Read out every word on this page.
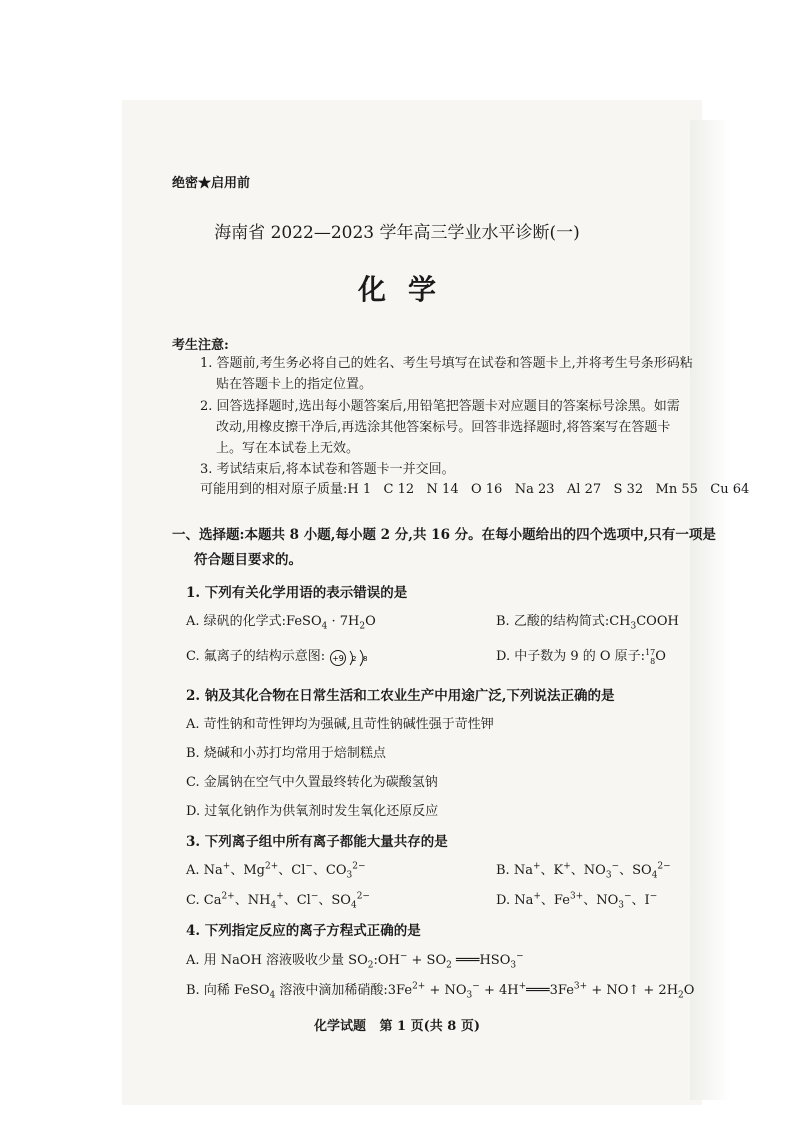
绝密★启用前
海南省 2022—2023 学年高三学业水平诊断(一)
化学
考生注意:
1. 答题前,考生务必将自己的姓名、考生号填写在试卷和答题卡上,并将考生号条形码粘
贴在答题卡上的指定位置。
2. 回答选择题时,选出每小题答案后,用铅笔把答题卡对应题目的答案标号涂黑。如需
改动,用橡皮擦干净后,再选涂其他答案标号。回答非选择题时,将答案写在答题卡
上。写在本试卷上无效。
3. 考试结束后,将本试卷和答题卡一并交回。
可能用到的相对原子质量:H 1   C 12   N 14   O 16   Na 23   Al 27   S 32   Mn 55   Cu 64
一、选择题:本题共 8 小题,每小题 2 分,共 16 分。在每小题给出的四个选项中,只有一项是
符合题目要求的。
1. 下列有关化学用语的表示错误的是
A. 绿矾的化学式:FeSO$_4$ · $7H_2O$	B. 乙酸的结构简式$:CH_3COOH$
C. 氟离子的结构示意图: +9 2 8	D. 中子数为 9 的 O 原子:17
8O
2. 钠及其化合物在日常生活和工农业生产中用途广泛,下列说法正确的是
A. 苛性钠和苛性钾均为强碱,且苛性钠碱性强于苛性钾
B. 烧碱和小苏打均常用于焙制糕点
C. 金属钠在空气中久置最终转化为碳酸氢钠
D. 过氧化钠作为供氧剂时发生氧化还原反应
3. 下列离子组中所有离子都能大量共存的是
A. Na+、$Mg^{2+}$、Cl−、$CO_3^{2-}$	B. Na+、K+、$NO_3^-$、$SO_4^{2-}$
C. $Ca^{2+}$、$NH_4^+$、Cl−、$SO_4^{2-}$	D. Na+、$Fe^{3+}$、$NO_3^-$、I−
4. 下列指定反应的离子方程式正确的是
A. 用 NaOH 溶液吸收少量 $SO_2:OH^- + SO_2$ $═══HSO_3^-$
B. 向稀 FeSO$_4$ 溶液中滴加稀硝酸$:3Fe^{2+} + NO_3^-$ + $4H^+═══3Fe^{3+}$ + NO↑ + $2H_2O$
化学试题   第 1 页(共 8 页)
